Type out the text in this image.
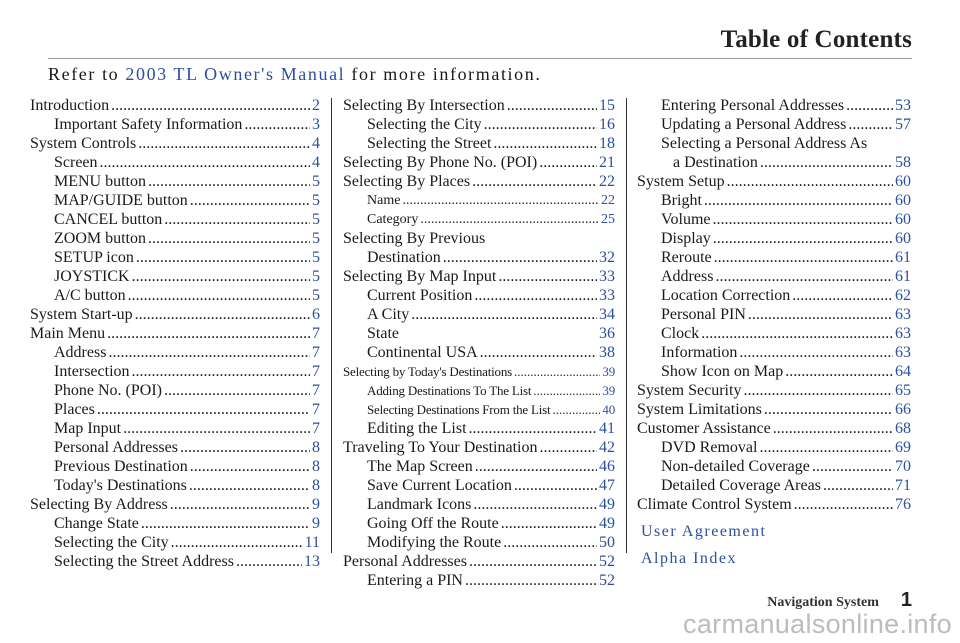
Table of Contents
Refer to 2003 TL Owner's Manual for more information.
Introduction .....	2
Important Safety Information .....	3
System Controls .....	4
Screen .....	4
MENU button .....	5
MAP/GUIDE button .....	5
CANCEL button .....	5
ZOOM button .....	5
SETUP icon .....	5
JOYSTICK .....	5
A/C button .....	5
System Start-up .....	6
Main Menu .....	7
Address .....	7
Intersection .....	7
Phone No. (POI) .....	7
Places .....	7
Map Input .....	7
Personal Addresses .....	8
Previous Destination .....	8
Today's Destinations .....	8
Selecting By Address .....	9
Change State .....	9
Selecting the City .....	11
Selecting the Street Address .....	13
Selecting By Intersection .....	15
Selecting the City .....	16
Selecting the Street .....	18
Selecting By Phone No. (POI) .....	21
Selecting By Places .....	22
Name .....	22
Category .....	25
Selecting By Previous
Destination .....	32
Selecting By Map Input .....	33
Current Position .....	33
A City .....	34
State	36
Continental USA .....	38
Selecting by Today's Destinations .....	39
Adding Destinations To The List .....	39
Selecting Destinations From the List .....	40
Editing the List .....	41
Traveling To Your Destination .....	42
The Map Screen .....	46
Save Current Location .....	47
Landmark Icons .....	49
Going Off the Route .....	49
Modifying the Route .....	50
Personal Addresses .....	52
Entering a PIN .....	52
Entering Personal Addresses .....	53
Updating a Personal Address .....	57
Selecting a Personal Address As
a Destination .....	58
System Setup .....	60
Bright .....	60
Volume .....	60
Display .....	60
Reroute .....	61
Address .....	61
Location Correction .....	62
Personal PIN .....	63
Clock .....	63
Information .....	63
Show Icon on Map .....	64
System Security .....	65
System Limitations .....	66
Customer Assistance .....	68
DVD Removal .....	69
Non-detailed Coverage .....	70
Detailed Coverage Areas .....	71
Climate Control System .....	76
User Agreement
Alpha Index
Navigation System 1
carmanualsonline.info
